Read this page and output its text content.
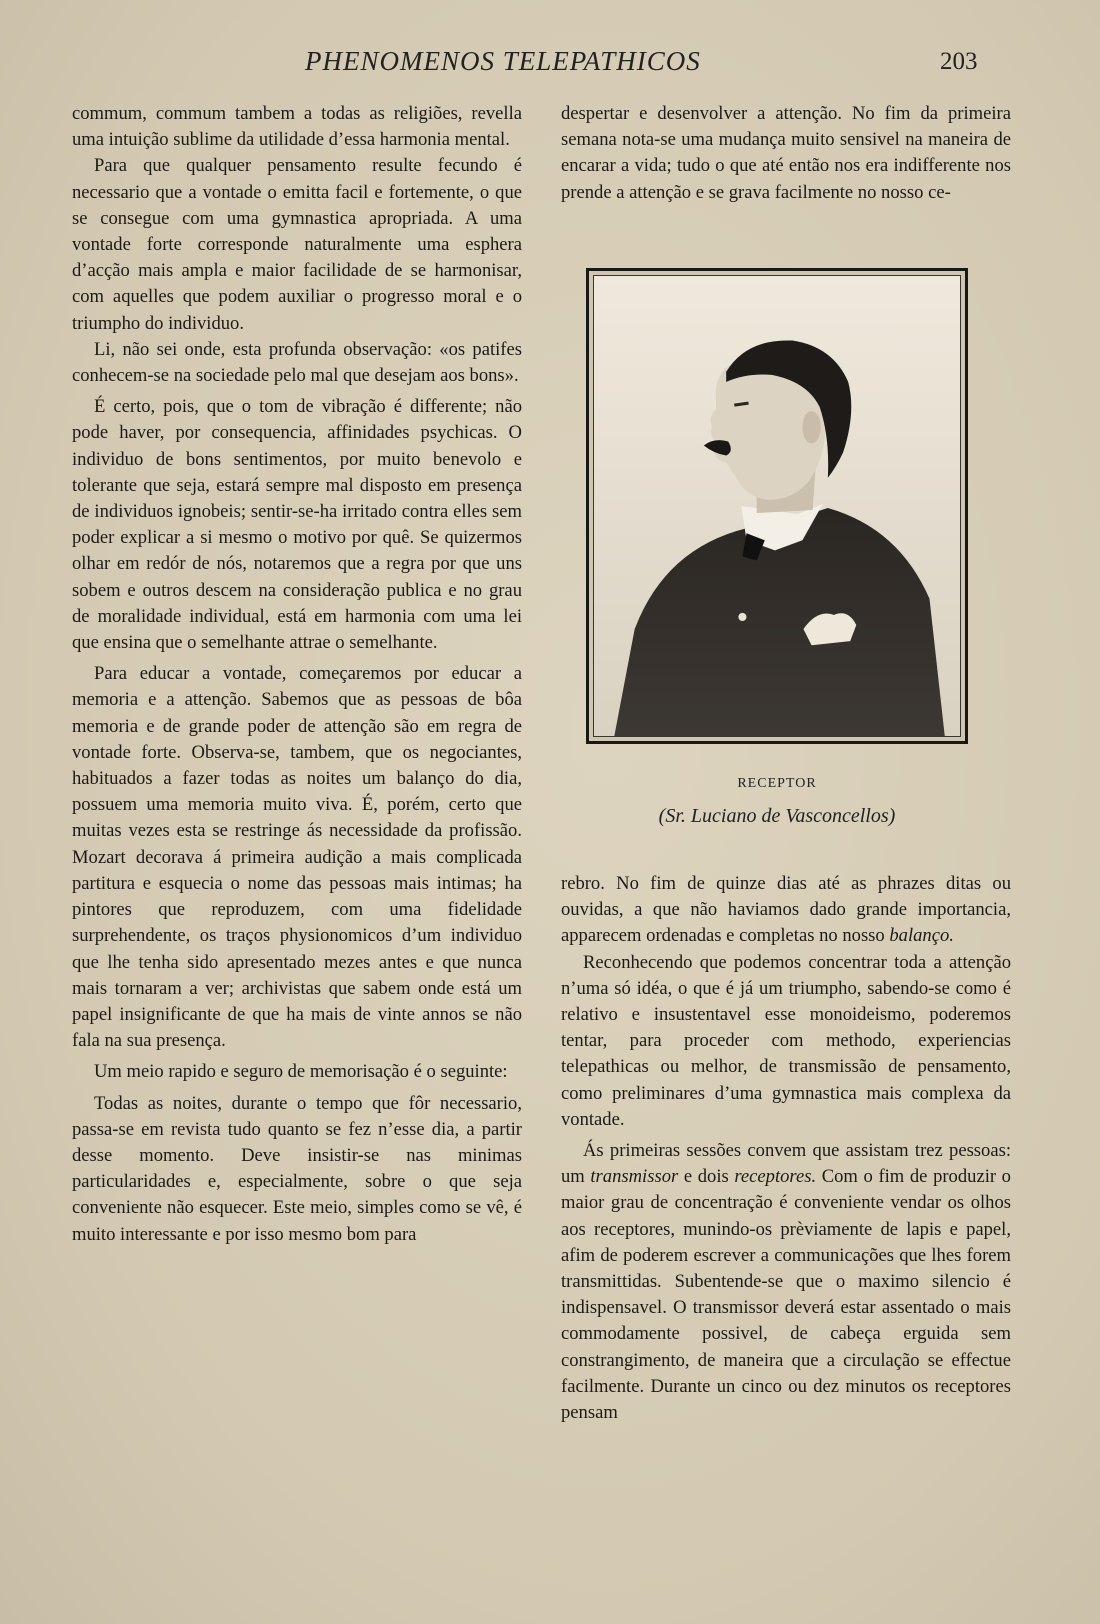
PHENOMENOS TELEPATHICOS	203

commum, commum tambem a todas as religiões, revella uma intuição sublime da utilidade d’essa harmonia mental.

Para que qualquer pensamento resulte fecundo é necessario que a vontade o emitta facil e fortemente, o que se consegue com uma gymnastica apropriada. A uma vontade forte corresponde naturalmente uma esphera d’acção mais ampla e maior facilidade de se harmonisar, com aquelles que podem auxiliar o progresso moral e o triumpho do individuo.

Li, não sei onde, esta profunda observação: «os patifes conhecem-se na sociedade pelo mal que desejam aos bons».

É certo, pois, que o tom de vibração é differente; não pode haver, por consequencia, affinidades psychicas. O individuo de bons sentimentos, por muito benevolo e tolerante que seja, estará sempre mal disposto em presença de individuos ignobeis; sentir-se-ha irritado contra elles sem poder explicar a si mesmo o motivo por quê. Se quizermos olhar em redór de nós, notaremos que a regra por que uns sobem e outros descem na consideração publica e no grau de moralidade individual, está em harmonia com uma lei que ensina que o semelhante attrae o semelhante.

Para educar a vontade, começaremos por educar a memoria e a attenção. Sabemos que as pessoas de bôa memoria e de grande poder de attenção são em regra de vontade forte. Observa-se, tambem, que os negociantes, habituados a fazer todas as noites um balanço do dia, possuem uma memoria muito viva. É, porém, certo que muitas vezes esta se restringe ás necessidade da profissão. Mozart decorava á primeira audição a mais complicada partitura e esquecia o nome das pessoas mais intimas; ha pintores que reproduzem, com uma fidelidade surprehendente, os traços physionomicos d’um individuo que lhe tenha sido apresentado mezes antes e que nunca mais tornaram a ver; archivistas que sabem onde está um papel insignificante de que ha mais de vinte annos se não fala na sua presença.

Um meio rapido e seguro de memorisação é o seguinte:

Todas as noites, durante o tempo que fôr necessario, passa-se em revista tudo quanto se fez n’esse dia, a partir desse momento. Deve insistir-se nas minimas particularidades e, especialmente, sobre o que seja conveniente não esquecer. Este meio, simples como se vê, é muito interessante e por isso mesmo bom para

despertar e desenvolver a attenção. No fim da primeira semana nota-se uma mudança muito sensivel na maneira de encarar a vida; tudo o que até então nos era indifferente nos prende a attenção e se grava facilmente no nosso ce-

RECEPTOR
(Sr. Luciano de Vasconcellos)

rebro. No fim de quinze dias até as phrazes ditas ou ouvidas, a que não haviamos dado grande importancia, apparecem ordenadas e completas no nosso balanço.

Reconhecendo que podemos concentrar toda a attenção n’uma só idéa, o que é já um triumpho, sabendo-se como é relativo e insustentavel esse monoideismo, poderemos tentar, para proceder com methodo, experiencias telepathicas ou melhor, de transmissão de pensamento, como preliminares d’uma gymnastica mais complexa da vontade.

Ás primeiras sessões convem que assistam trez pessoas: um transmissor e dois receptores. Com o fim de produzir o maior grau de concentração é conveniente vendar os olhos aos receptores, munindo-os prèviamente de lapis e papel, afim de poderem escrever a communicações que lhes forem transmittidas. Subentende-se que o maximo silencio é indispensavel. O transmissor deverá estar assentado o mais commodamente possivel, de cabeça erguida sem constrangimento, de maneira que a circulação se effectue facilmente. Durante un cinco ou dez minutos os receptores pensam
